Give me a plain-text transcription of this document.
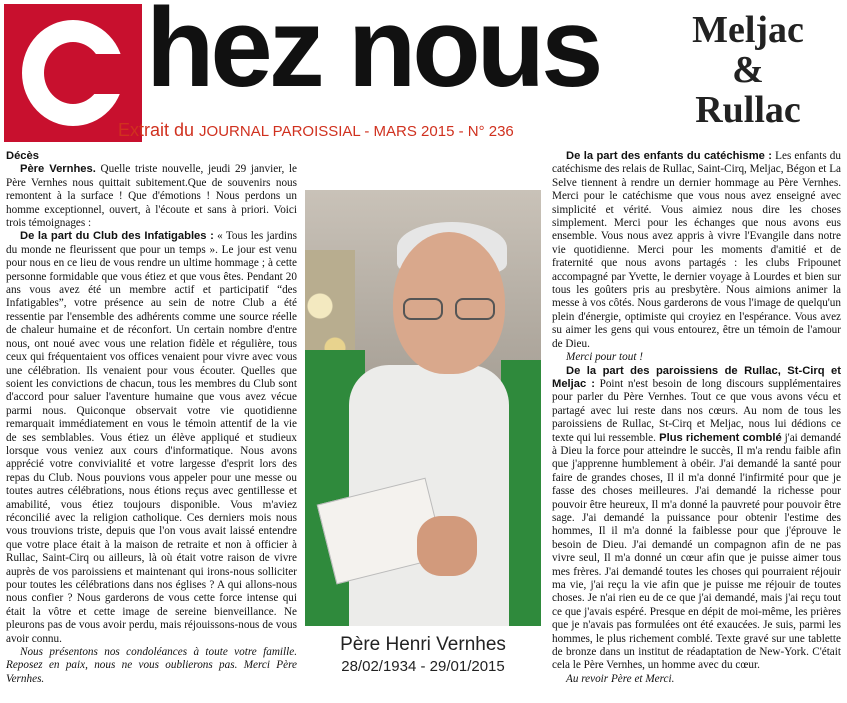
hez nous	Meljac
&
Rullac
Extrait du JOURNAL PAROISSIAL - MARS 2015 - N° 236

Décès

Père Vernhes. Quelle triste nouvelle, jeudi 29 janvier, le Père Vernhes nous quittait subitement.Que de souvenirs nous remontent à la surface ! Que d'émotions ! Nous perdons un homme exceptionnel, ouvert, à l'écoute et sans à priori. Voici trois témoignages :

De la part du Club des Infatigables : « Tous les jardins du monde ne fleurissent que pour un temps ». Le jour est venu pour nous en ce lieu de vous rendre un ultime hommage ; à cette personne formidable que vous étiez et que vous êtes. Pendant 20 ans vous avez été un membre actif et participatif “des Infatigables”, votre présence au sein de notre Club a été ressentie par l'ensemble des adhérents comme une source réelle de chaleur humaine et de réconfort. Un certain nombre d'entre nous, ont noué avec vous une relation fidèle et régulière, tous ceux qui fréquentaient vos offices venaient pour vivre avec vous une célébration. Ils venaient pour vous écouter. Quelles que soient les convictions de chacun, tous les membres du Club sont d'accord pour saluer l'aventure humaine que vous avez vécue parmi nous. Quiconque observait votre vie quotidienne remarquait immédiatement en vous le témoin attentif de la vie de ses semblables. Vous étiez un élève appliqué et studieux lorsque vous veniez aux cours d'informatique. Nous avons apprécié votre convivialité et votre largesse d'esprit lors des repas du Club. Nous pouvions vous appeler pour une messe ou toutes autres célébrations, nous étions reçus avec gentillesse et amabilité, vous étiez toujours disponible. Vous m'aviez réconcilié avec la religion catholique. Ces derniers mois nous vous trouvions triste, depuis que l'on vous avait laissé entendre que votre place était à la maison de retraite et non à officier à Rullac, Saint-Cirq ou ailleurs, là où était votre raison de vivre auprès de vos paroissiens et maintenant qui irons-nous solliciter pour toutes les célébrations dans nos églises ? A qui allons-nous nous confier ? Nous garderons de vous cette force intense qui était la vôtre et cette image de sereine bienveillance. Ne pleurons pas de vous avoir perdu, mais réjouissons-nous de vous avoir connu.

Nous présentons nos condoléances à toute votre famille. Reposez en paix, nous ne vous oublierons pas. Merci Père Vernhes.

Père Henri Vernhes
28/02/1934 - 29/01/2015

De la part des enfants du catéchisme : Les enfants du catéchisme des relais de Rullac, Saint-Cirq, Meljac, Bégon et La Selve tiennent à rendre un dernier hommage au Père Vernhes. Merci pour le catéchisme que vous nous avez enseigné avec simplicité et vérité. Vous aimiez nous dire les choses simplement. Merci pour les échanges que nous avons eus ensemble. Vous nous avez appris à vivre l'Evangile dans notre vie quotidienne. Merci pour les moments d'amitié et de fraternité que nous avons partagés : les clubs Fripounet accompagné par Yvette, le dernier voyage à Lourdes et bien sur tous les goûters pris au presbytère. Nous aimions animer la messe à vos côtés. Nous garderons de vous l'image de quelqu'un plein d'énergie, optimiste qui croyiez en l'espérance. Vous avez su aimer les gens qui vous entourez, être un témoin de l'amour de Dieu.

Merci pour tout !

De la part des paroissiens de Rullac, St-Cirq et Meljac : Point n'est besoin de long discours supplémentaires pour parler du Père Vernhes. Tout ce que vous avons vécu et partagé avec lui reste dans nos cœurs. Au nom de tous les paroissiens de Rullac, St-Cirq et Meljac, nous lui dédions ce texte qui lui ressemble. Plus richement comblé j'ai demandé à Dieu la force pour atteindre le succès, Il m'a rendu faible afin que j'apprenne humblement à obéir. J'ai demandé la santé pour faire de grandes choses, Il il m'a donné l'infirmité pour que je fasse des choses meilleures. J'ai demandé la richesse pour pouvoir être heureux, Il m'a donné la pauvreté pour pouvoir être sage. J'ai demandé la puissance pour obtenir l'estime des hommes, Il il m'a donné la faiblesse pour que j'éprouve le besoin de Dieu. J'ai demandé un compagnon afin de ne pas vivre seul, Il m'a donné un cœur afin que je puisse aimer tous mes frères. J'ai demandé toutes les choses qui pourraient réjouir ma vie, j'ai reçu la vie afin que je puisse me réjouir de toutes choses. Je n'ai rien eu de ce que j'ai demandé, mais j'ai reçu tout ce que j'avais espéré. Presque en dépit de moi-même, les prières que je n'avais pas formulées ont été exaucées. Je suis, parmi les hommes, le plus richement comblé. Texte gravé sur une tablette de bronze dans un institut de réadaptation de New-York. C'était cela le Père Vernhes, un homme avec du cœur.

Au revoir Père et Merci.
